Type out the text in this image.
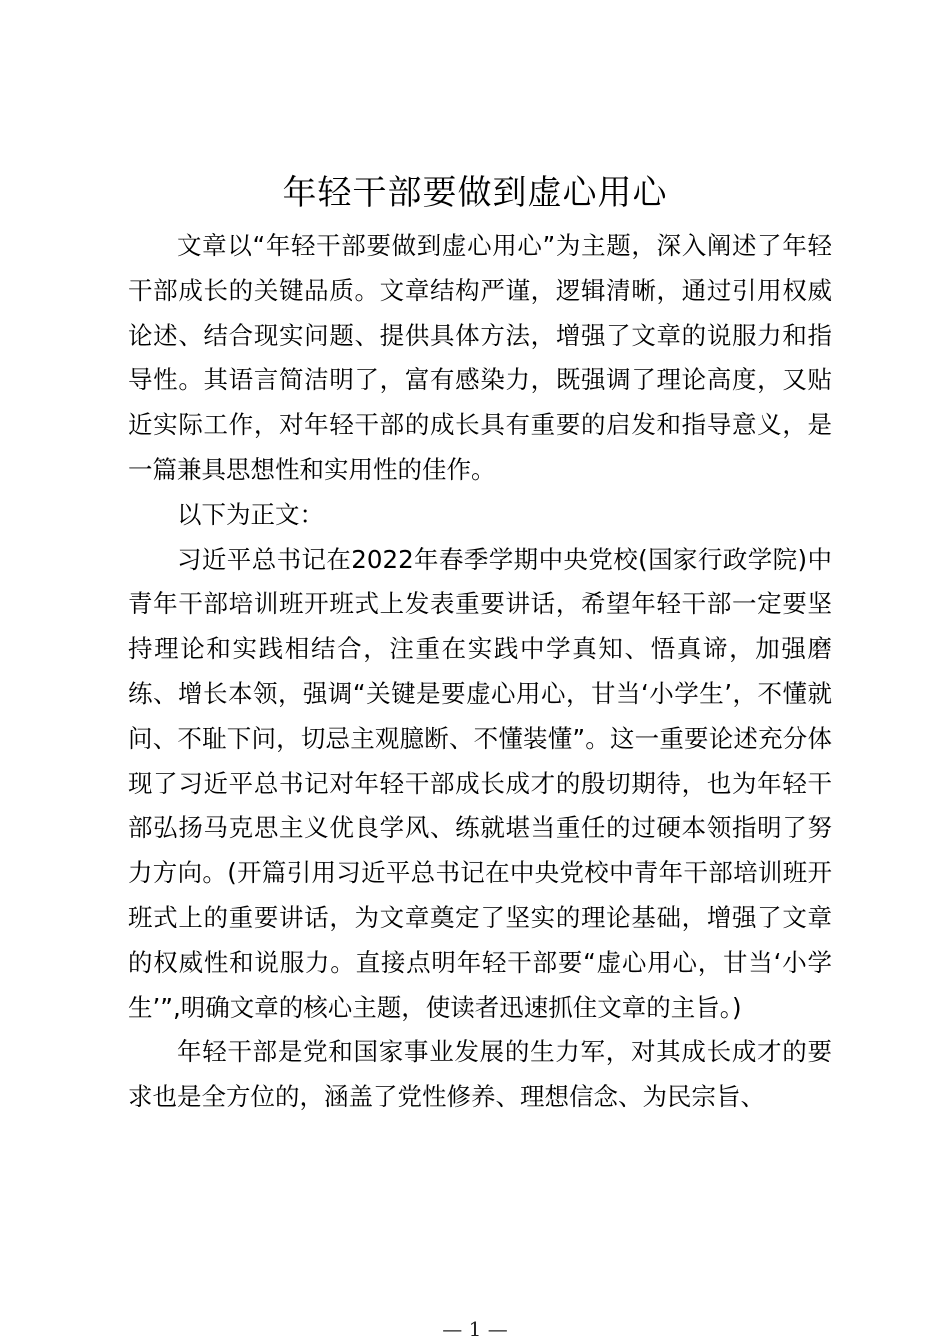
年轻干部要做到虚心用心

文章以“年轻干部要做到虚心用心”为主题，深入阐述了年轻干部成长的关键品质。文章结构严谨，逻辑清晰，通过引用权威论述、结合现实问题、提供具体方法，增强了文章的说服力和指导性。其语言简洁明了，富有感染力，既强调了理论高度，又贴近实际工作，对年轻干部的成长具有重要的启发和指导意义，是一篇兼具思想性和实用性的佳作。

以下为正文：

习近平总书记在2022年春季学期中央党校(国家行政学院)中青年干部培训班开班式上发表重要讲话，希望年轻干部一定要坚持理论和实践相结合，注重在实践中学真知、悟真谛，加强磨练、增长本领，强调“关键是要虚心用心，甘当‘小学生’，不懂就问、不耻下问，切忌主观臆断、不懂装懂”。这一重要论述充分体现了习近平总书记对年轻干部成长成才的殷切期待，也为年轻干部弘扬马克思主义优良学风、练就堪当重任的过硬本领指明了努力方向。(开篇引用习近平总书记在中央党校中青年干部培训班开班式上的重要讲话，为文章奠定了坚实的理论基础，增强了文章的权威性和说服力。直接点明年轻干部要“虚心用心，甘当‘小学生’”,明确文章的核心主题，使读者迅速抓住文章的主旨。)

年轻干部是党和国家事业发展的生力军，对其成长成才的要求也是全方位的，涵盖了党性修养、理想信念、为民宗旨、

— 1 —
